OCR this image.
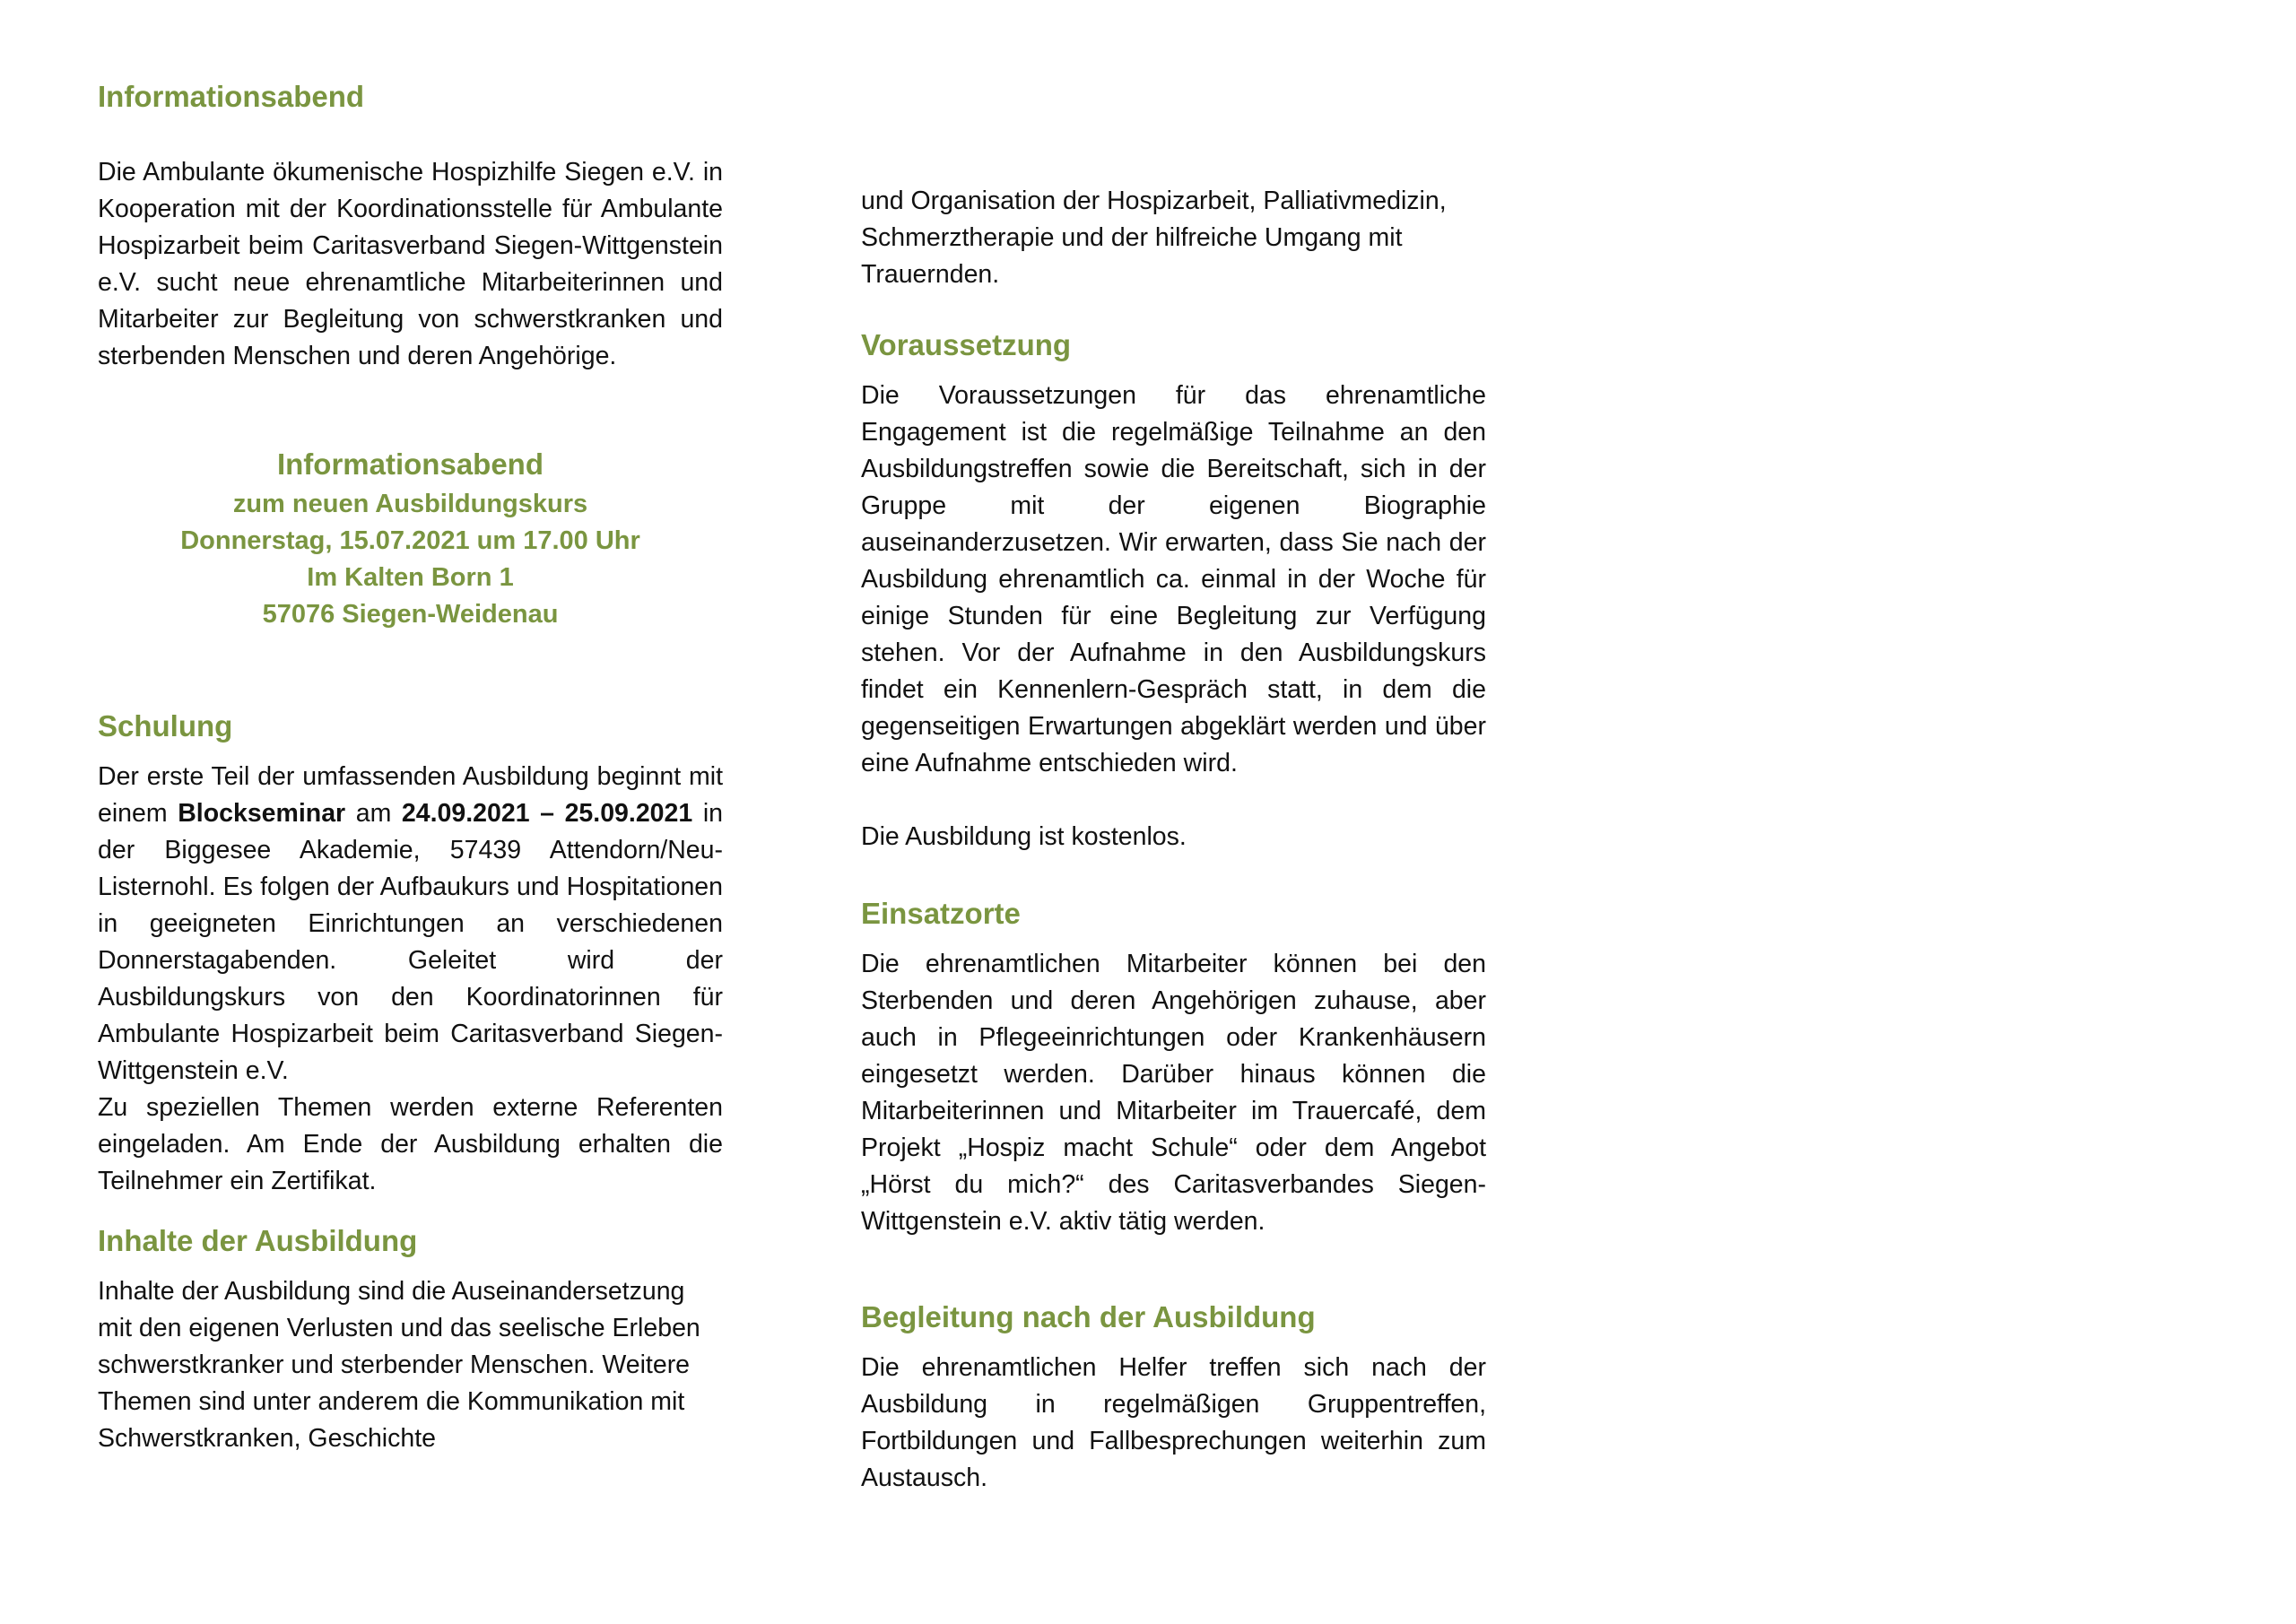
Informationsabend

Die Ambulante ökumenische Hospizhilfe Siegen e.V. in Kooperation mit der Koordinationsstelle für Ambulante Hospizarbeit beim Caritasverband Siegen-Wittgenstein e.V. sucht neue ehrenamtliche Mitarbeiterinnen und Mitarbeiter zur Begleitung von schwerstkranken und sterbenden Menschen und deren Angehörige.

Informationsabend
zum neuen Ausbildungskurs
Donnerstag, 15.07.2021 um 17.00 Uhr
Im Kalten Born 1
57076 Siegen-Weidenau
Schulung

Der erste Teil der umfassenden Ausbildung beginnt mit einem Blockseminar am 24.09.2021 – 25.09.2021 in der Biggesee Akademie, 57439 Attendorn/Neu-Listernohl. Es folgen der Aufbaukurs und Hospitationen in geeigneten Einrichtungen an verschiedenen Donnerstagabenden. Geleitet wird der Ausbildungskurs von den Koordinatorinnen für Ambulante Hospizarbeit beim Caritasverband Siegen-Wittgenstein e.V.

Zu speziellen Themen werden externe Referenten eingeladen. Am Ende der Ausbildung erhalten die Teilnehmer ein Zertifikat.

Inhalte der Ausbildung

Inhalte der Ausbildung sind die Auseinandersetzung mit den eigenen Verlusten und das seelische Erleben schwerstkranker und sterbender Menschen. Weitere Themen sind unter anderem die Kommunikation mit Schwerstkranken, Geschichte

und Organisation der Hospizarbeit, Palliativmedizin, Schmerztherapie und der hilfreiche Umgang mit Trauernden.

Voraussetzung

Die Voraussetzungen für das ehrenamtliche Engagement ist die regelmäßige Teilnahme an den Ausbildungstreffen sowie die Bereitschaft, sich in der Gruppe mit der eigenen Biographie auseinanderzusetzen. Wir erwarten, dass Sie nach der Ausbildung ehrenamtlich ca. einmal in der Woche für einige Stunden für eine Begleitung zur Verfügung stehen. Vor der Aufnahme in den Ausbildungskurs findet ein Kennenlern-Gespräch statt, in dem die gegenseitigen Erwartungen abgeklärt werden und über eine Aufnahme entschieden wird.

Die Ausbildung ist kostenlos.

Einsatzorte

Die ehrenamtlichen Mitarbeiter können bei den Sterbenden und deren Angehörigen zuhause, aber auch in Pflegeeinrichtungen oder Krankenhäusern eingesetzt werden. Darüber hinaus können die Mitarbeiterinnen und Mitarbeiter im Trauercafé, dem Projekt „Hospiz macht Schule“ oder dem Angebot „Hörst du mich?“ des Caritasverbandes Siegen-Wittgenstein e.V. aktiv tätig werden.

Begleitung nach der Ausbildung

Die ehrenamtlichen Helfer treffen sich nach der Ausbildung in regelmäßigen Gruppentreffen, Fortbildungen und Fallbesprechungen weiterhin zum Austausch.
